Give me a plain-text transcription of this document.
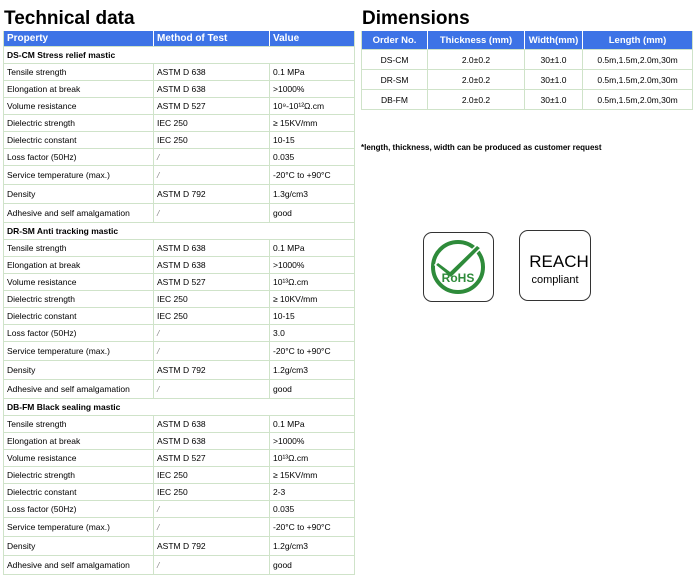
Technical data	Dimensions
Property	Method of Test	Value
DS-CM Stress relief mastic		
Tensile strength	ASTM D 638	0.1 MPa
Elongation at break	ASTM D 638	>1000%
Volume resistance	ASTM D 527	10⁹-10¹²Ω.cm
Dielectric strength	IEC 250	≥ 15KV/mm
Dielectric constant	IEC 250	10-15
Loss factor (50Hz)	/	0.035
Service temperature (max.)	/	-20°C to +90°C
Density	ASTM D 792	1.3g/cm3
Adhesive and self amalgamation	/	good
DR-SM Anti tracking mastic		
Tensile strength	ASTM D 638	0.1 MPa
Elongation at break	ASTM D 638	>1000%
Volume resistance	ASTM D 527	10¹³Ω.cm
Dielectric strength	IEC 250	≥ 10KV/mm
Dielectric constant	IEC 250	10-15
Loss factor (50Hz)	/	3.0
Service temperature (max.)	/	-20°C to +90°C
Density	ASTM D 792	1.2g/cm3
Adhesive and self amalgamation	/	good
DB-FM Black sealing mastic		
Tensile strength	ASTM D 638	0.1 MPa
Elongation at break	ASTM D 638	>1000%
Volume resistance	ASTM D 527	10¹³Ω.cm
Dielectric strength	IEC 250	≥ 15KV/mm
Dielectric constant	IEC 250	2-3
Loss factor (50Hz)	/	0.035
Service temperature (max.)	/	-20°C to +90°C
Density	ASTM D 792	1.2g/cm3
Adhesive and self amalgamation	/	good
Order No.	Thickness (mm)	Width(mm)	Length (mm)
DS-CM	2.0±0.2	30±1.0	0.5m,1.5m,2.0m,30m
DR-SM	2.0±0.2	30±1.0	0.5m,1.5m,2.0m,30m
DB-FM	2.0±0.2	30±1.0	0.5m,1.5m,2.0m,30m

*length, thickness, width can be produced as customer request

RoHS
REACH
compliant
